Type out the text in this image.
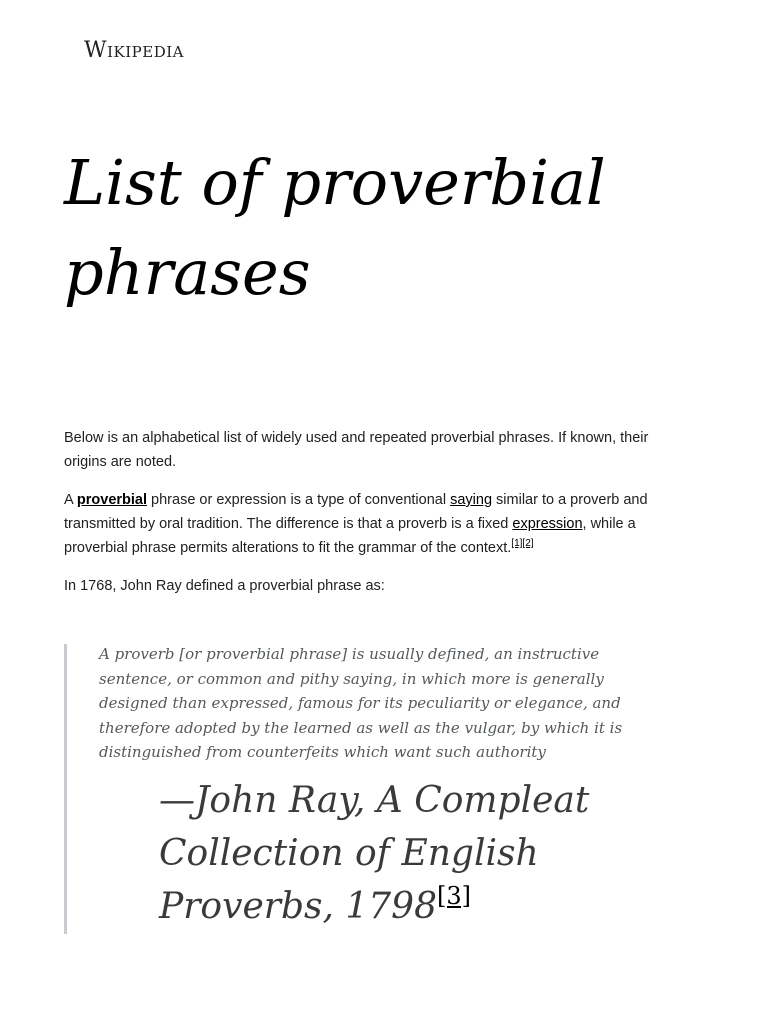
Wikipedia
List of proverbial phrases

Below is an alphabetical list of widely used and repeated proverbial phrases. If known, their origins are noted.

A proverbial phrase or expression is a type of conventional saying similar to a proverb and transmitted by oral tradition. The difference is that a proverb is a fixed expression, while a proverbial phrase permits alterations to fit the grammar of the context.[1][2]

In 1768, John Ray defined a proverbial phrase as:

A proverb [or proverbial phrase] is usually defined, an instructive sentence, or common and pithy saying, in which more is generally designed than expressed, famous for its peculiarity or elegance, and therefore adopted by the learned as well as the vulgar, by which it is distinguished from counterfeits which want such authority

—John Ray, A Compleat Collection of English Proverbs, 1798[3]
